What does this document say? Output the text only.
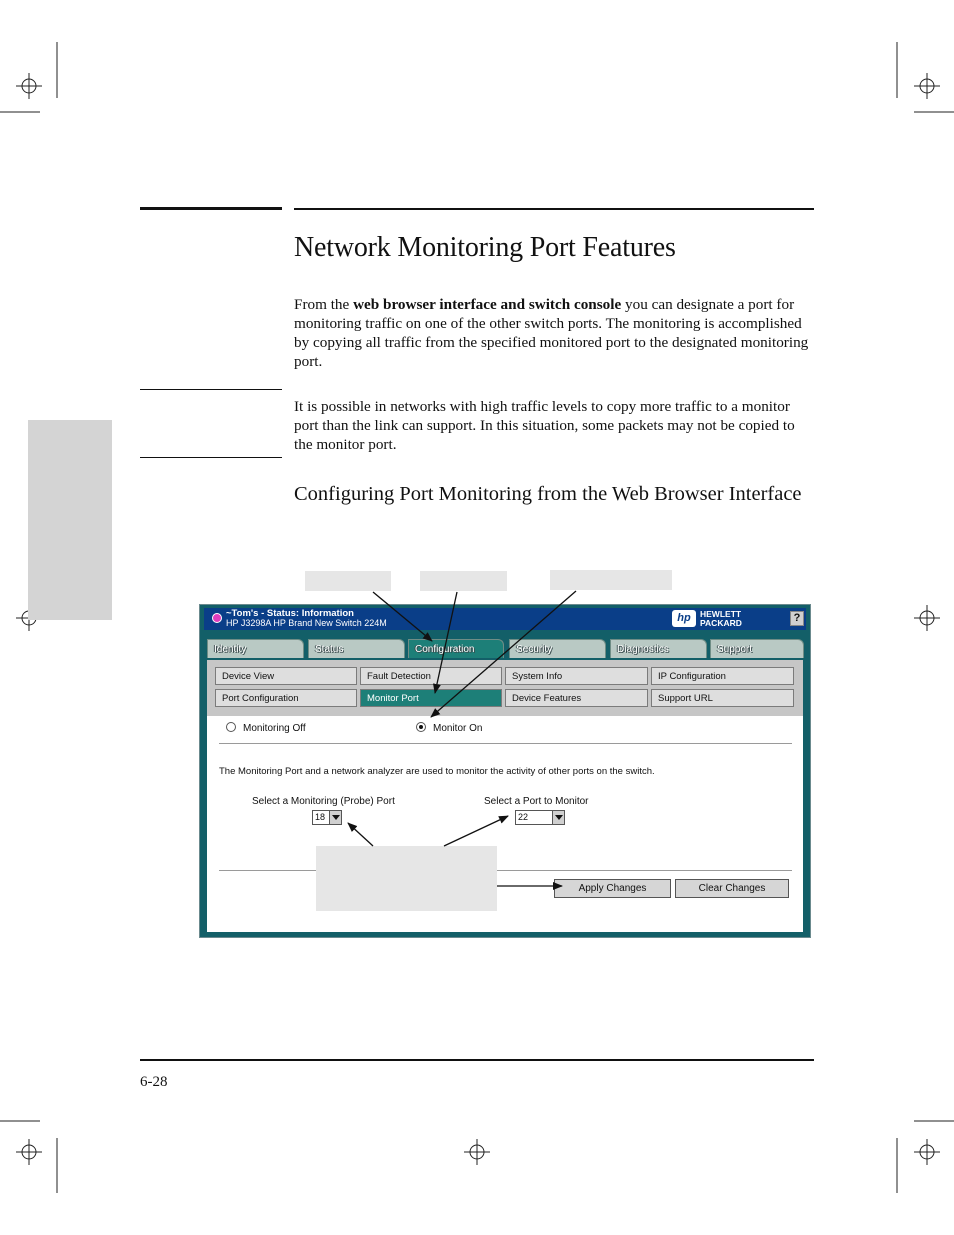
Network Monitoring Port Features
From the web browser interface and switch console you can designate a port for monitoring traffic on one of the other switch ports. The monitoring is accomplished by copying all traffic from the specified monitored port to the designated monitoring port.
It is possible in networks with high traffic levels to copy more traffic to a monitor port than the link can support. In this situation, some packets may not be copied to the monitor port.
Configuring Port Monitoring from the Web Browser Interface
~Tom's - Status: Information
HP J3298A HP Brand New Switch 224M	hp	HEWLETT
PACKARD	?
Identity	Status	Configuration	Security	Diagnostics	Support
Device View	Fault Detection	System Info	IP Configuration
Port Configuration	Monitor Port	Device Features	Support URL
Monitoring Off	Monitor On
The Monitoring Port and a network analyzer are used to monitor the activity of other ports on the switch.
Select a Monitoring (Probe) Port
18
Select a Port to Monitor
22
Apply Changes	Clear Changes
6-28
